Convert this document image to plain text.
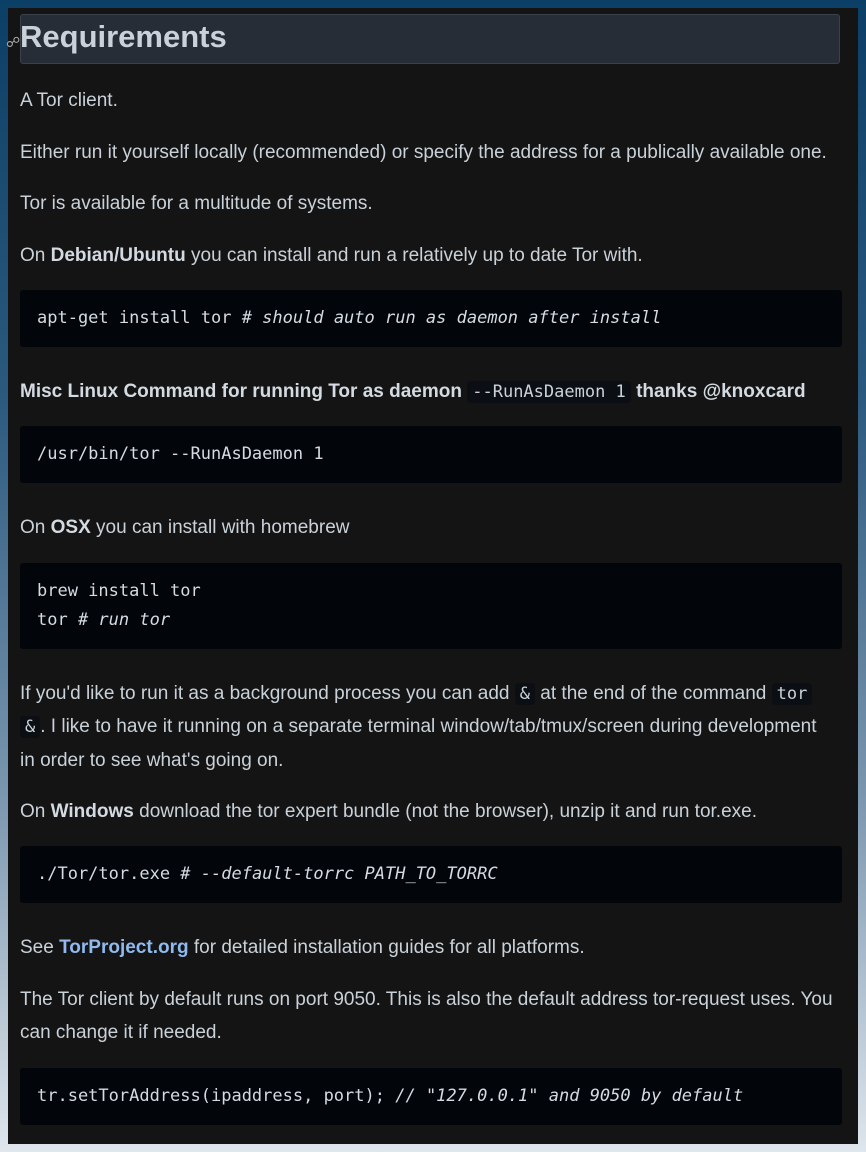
☍ Requirements

A Tor client.

Either run it yourself locally (recommended) or specify the address for a publically available one.

Tor is available for a multitude of systems.

On Debian/Ubuntu you can install and run a relatively up to date Tor with.

apt-get install tor # should auto run as daemon after install

Misc Linux Command for running Tor as daemon --RunAsDaemon 1 thanks @knoxcard

/usr/bin/tor --RunAsDaemon 1

On OSX you can install with homebrew

brew install tor
tor # run tor

If you'd like to run it as a background process you can add & at the end of the command tor

& . I like to have it running on a separate terminal window/tab/tmux/screen during development

in order to see what's going on.

On Windows download the tor expert bundle (not the browser), unzip it and run tor.exe.

./Tor/tor.exe # --default-torrc PATH_TO_TORRC

See TorProject.org for detailed installation guides for all platforms.

The Tor client by default runs on port 9050. This is also the default address tor-request uses. You

can change it if needed.

tr.setTorAddress(ipaddress, port); // "127.0.0.1" and 9050 by default
